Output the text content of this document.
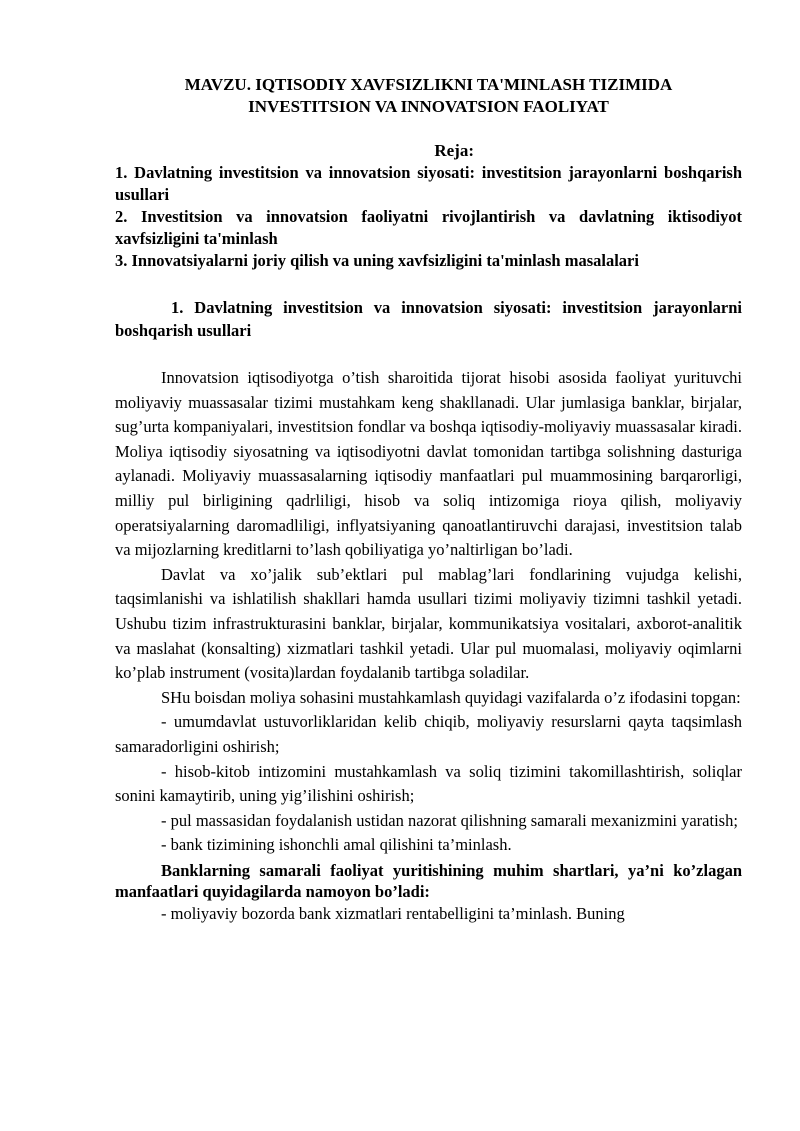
MAVZU. IQTISODIY XAVFSIZLIKNI TA'MINLASH TIZIMIDA
INVESTITSION VA INNOVATSION FAOLIYAT
Reja:

1. Davlatning investitsion va innovatsion siyosati: investitsion jarayonlarni boshqarish usullari

2. Investitsion va innovatsion faoliyatni rivojlantirish va davlatning iktisodiyot xavfsizligini ta'minlash

3. Innovatsiyalarni joriy qilish va uning xavfsizligini ta'minlash masalalari

1. Davlatning investitsion va innovatsion siyosati: investitsion jarayonlarni boshqarish usullari

Innovatsion iqtisodiyotga o’tish sharoitida tijorat hisobi asosida faoliyat yurituvchi moliyaviy muassasalar tizimi mustahkam keng shakllanadi. Ular jumlasiga banklar, birjalar, sug’urta kompaniyalari, investitsion fondlar va boshqa iqtisodiy-moliyaviy muassasalar kiradi. Moliya iqtisodiy siyosatning va iqtisodiyotni davlat tomonidan tartibga solishning dasturiga aylanadi. Moliyaviy muassasalarning iqtisodiy manfaatlari pul muammosining barqarorligi, milliy pul birligining qadrliligi, hisob va soliq intizomiga rioya qilish, moliyaviy operatsiyalarning daromadliligi, inflyatsiyaning qanoatlantiruvchi darajasi, investitsion talab va mijozlarning kreditlarni to’lash qobiliyatiga yo’naltirligan bo’ladi.

Davlat va xo’jalik sub’ektlari pul mablag’lari fondlarining vujudga kelishi, taqsimlanishi va ishlatilish shakllari hamda usullari tizimi moliyaviy tizimni tashkil yetadi. Ushubu tizim infrastrukturasini banklar, birjalar, kommunikatsiya vositalari, axborot-analitik va maslahat (konsalting) xizmatlari tashkil yetadi. Ular pul muomalasi, moliyaviy oqimlarni ko’plab instrument (vosita)lardan foydalanib tartibga soladilar.

SHu boisdan moliya sohasini mustahkamlash quyidagi vazifalarda o’z ifodasini topgan:

- umumdavlat ustuvorliklaridan kelib chiqib, moliyaviy resurslarni qayta taqsimlash samaradorligini oshirish;

- hisob-kitob intizomini mustahkamlash va soliq tizimini takomillashtirish, soliqlar sonini kamaytirib, uning yig’ilishini oshirish;

- pul massasidan foydalanish ustidan nazorat qilishning samarali mexanizmini yaratish;

- bank tizimining ishonchli amal qilishini ta’minlash.

Banklarning samarali faoliyat yuritishining muhim shartlari, ya’ni ko’zlagan manfaatlari quyidagilarda namoyon bo’ladi:

- moliyaviy bozorda bank xizmatlari rentabelligini ta’minlash. Buning
